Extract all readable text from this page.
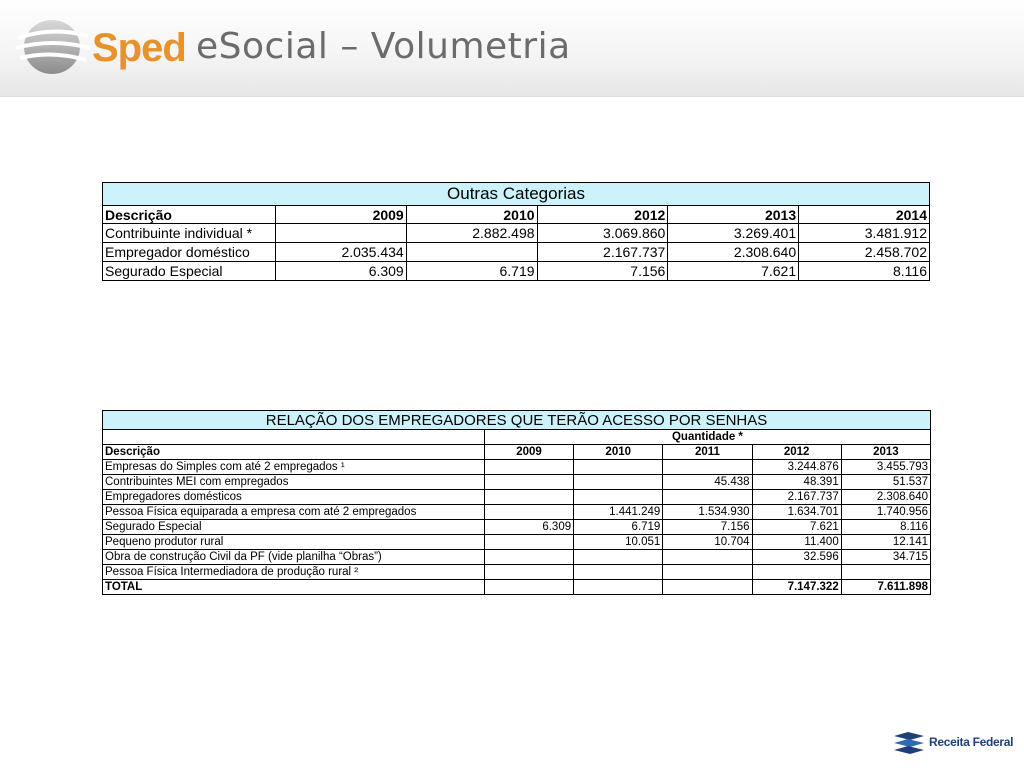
Sped eSocial – Volumetria
Outras Categorias					
Descrição	2009	2010	2012	2013	2014
Contribuinte individual *		2.882.498	3.069.860	3.269.401	3.481.912
Empregador doméstico	2.035.434		2.167.737	2.308.640	2.458.702
Segurado Especial	6.309	6.719	7.156	7.621	8.116
RELAÇÃO DOS EMPREGADORES QUE TERÃO ACESSO POR SENHAS					
	Quantidade *				
Descrição	2009	2010	2011	2012	2013
Empresas do Simples com até 2 empregados ¹				3.244.876	3.455.793
Contribuintes MEI com empregados			45.438	48.391	51.537
Empregadores domésticos				2.167.737	2.308.640
Pessoa Física equiparada a empresa com até 2 empregados		1.441.249	1.534.930	1.634.701	1.740.956
Segurado Especial	6.309	6.719	7.156	7.621	8.116
Pequeno produtor rural		10.051	10.704	11.400	12.141
Obra de construção Civil da PF (vide planilha “Obras”)				32.596	34.715
Pessoa Física Intermediadora de produção rural ²					
TOTAL				7.147.322	7.611.898
Receita Federal
